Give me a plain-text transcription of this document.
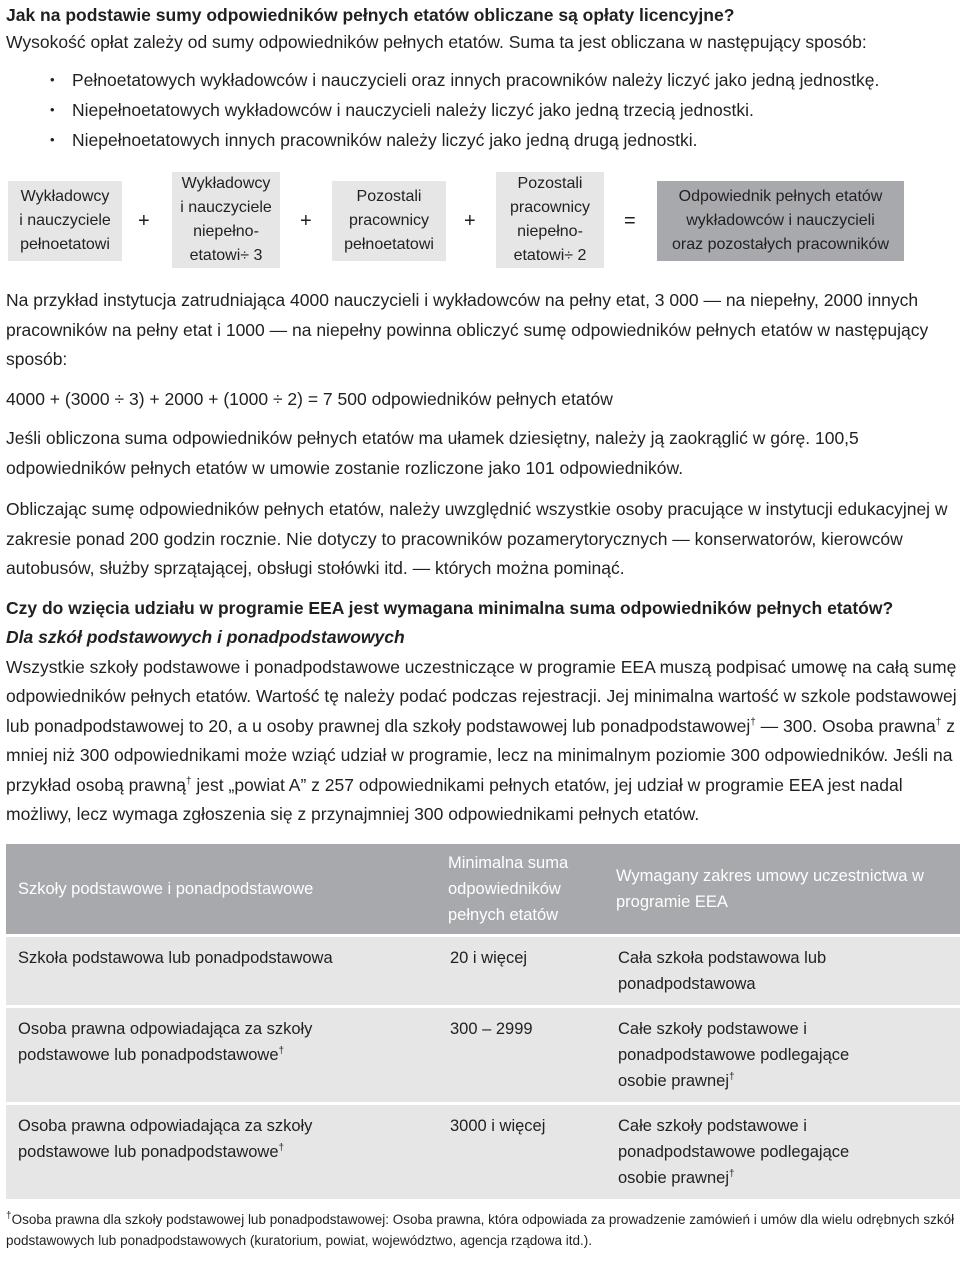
Jak na podstawie sumy odpowiedników pełnych etatów obliczane są opłaty licencyjne?

Wysokość opłat zależy od sumy odpowiedników pełnych etatów. Suma ta jest obliczana w następujący sposób:

• Pełnoetatowych wykładowców i nauczycieli oraz innych pracowników należy liczyć jako jedną jednostkę.
• Niepełnoetatowych wykładowców i nauczycieli należy liczyć jako jedną trzecią jednostki.
• Niepełnoetatowych innych pracowników należy liczyć jako jedną drugą jednostki.
Wykładowcy
i nauczyciele
pełnoetatowi
+
Wykładowcy
i nauczyciele
niepełno-
etatowi÷ 3
+
Pozostali
pracownicy
pełnoetatowi
+
Pozostali
pracownicy
niepełno-
etatowi÷ 2
=
Odpowiednik pełnych etatów
wykładowców i nauczycieli
oraz pozostałych pracowników

Na przykład instytucja zatrudniająca 4000 nauczycieli i wykładowców na pełny etat, 3 000 — na niepełny, 2000 innych pracowników na pełny etat i 1000 — na niepełny powinna obliczyć sumę odpowiedników pełnych etatów w następujący sposób:

4000 + (3000 ÷ 3) + 2000 + (1000 ÷ 2) = 7 500 odpowiedników pełnych etatów

Jeśli obliczona suma odpowiedników pełnych etatów ma ułamek dziesiętny, należy ją zaokrąglić w górę. 100,5 odpowiedników pełnych etatów w umowie zostanie rozliczone jako 101 odpowiedników.

Obliczając sumę odpowiedników pełnych etatów, należy uwzględnić wszystkie osoby pracujące w instytucji edukacyjnej w zakresie ponad 200 godzin rocznie. Nie dotyczy to pracowników pozamerytorycznych — konserwatorów, kierowców autobusów, służby sprzątającej, obsługi stołówki itd. — których można pominąć.

Czy do wzięcia udziału w programie EEA jest wymagana minimalna suma odpowiedników pełnych etatów?

Dla szkół podstawowych i ponadpodstawowych

Wszystkie szkoły podstawowe i ponadpodstawowe uczestniczące w programie EEA muszą podpisać umowę na całą sumę odpowiedników pełnych etatów. Wartość tę należy podać podczas rejestracji. Jej minimalna wartość w szkole podstawowej lub ponadpodstawowej to 20, a u osoby prawnej dla szkoły podstawowej lub ponadpodstawowej† — 300. Osoba prawna† z mniej niż 300 odpowiednikami może wziąć udział w programie, lecz na minimalnym poziomie 300 odpowiedników. Jeśli na przykład osobą prawną† jest „powiat A” z 257 odpowiednikami pełnych etatów, jej udział w programie EEA jest nadal możliwy, lecz wymaga zgłoszenia się z przynajmniej 300 odpowiednikami pełnych etatów.

Szkoły podstawowe i ponadpodstawowe	Minimalna suma odpowiedników pełnych etatów	Wymagany zakres umowy uczestnictwa w programie EEA
Szkoła podstawowa lub ponadpodstawowa	20 i więcej	Cała szkoła podstawowa lub ponadpodstawowa
Osoba prawna odpowiadająca za szkoły podstawowe lub ponadpodstawowe†	300 – 2999	Całe szkoły podstawowe i ponadpodstawowe podlegające osobie prawnej†
Osoba prawna odpowiadająca za szkoły podstawowe lub ponadpodstawowe†	3000 i więcej	Całe szkoły podstawowe i ponadpodstawowe podlegające osobie prawnej†

†Osoba prawna dla szkoły podstawowej lub ponadpodstawowej: Osoba prawna, która odpowiada za prowadzenie zamówień i umów dla wielu odrębnych szkół podstawowych lub ponadpodstawowych (kuratorium, powiat, województwo, agencja rządowa itd.).
